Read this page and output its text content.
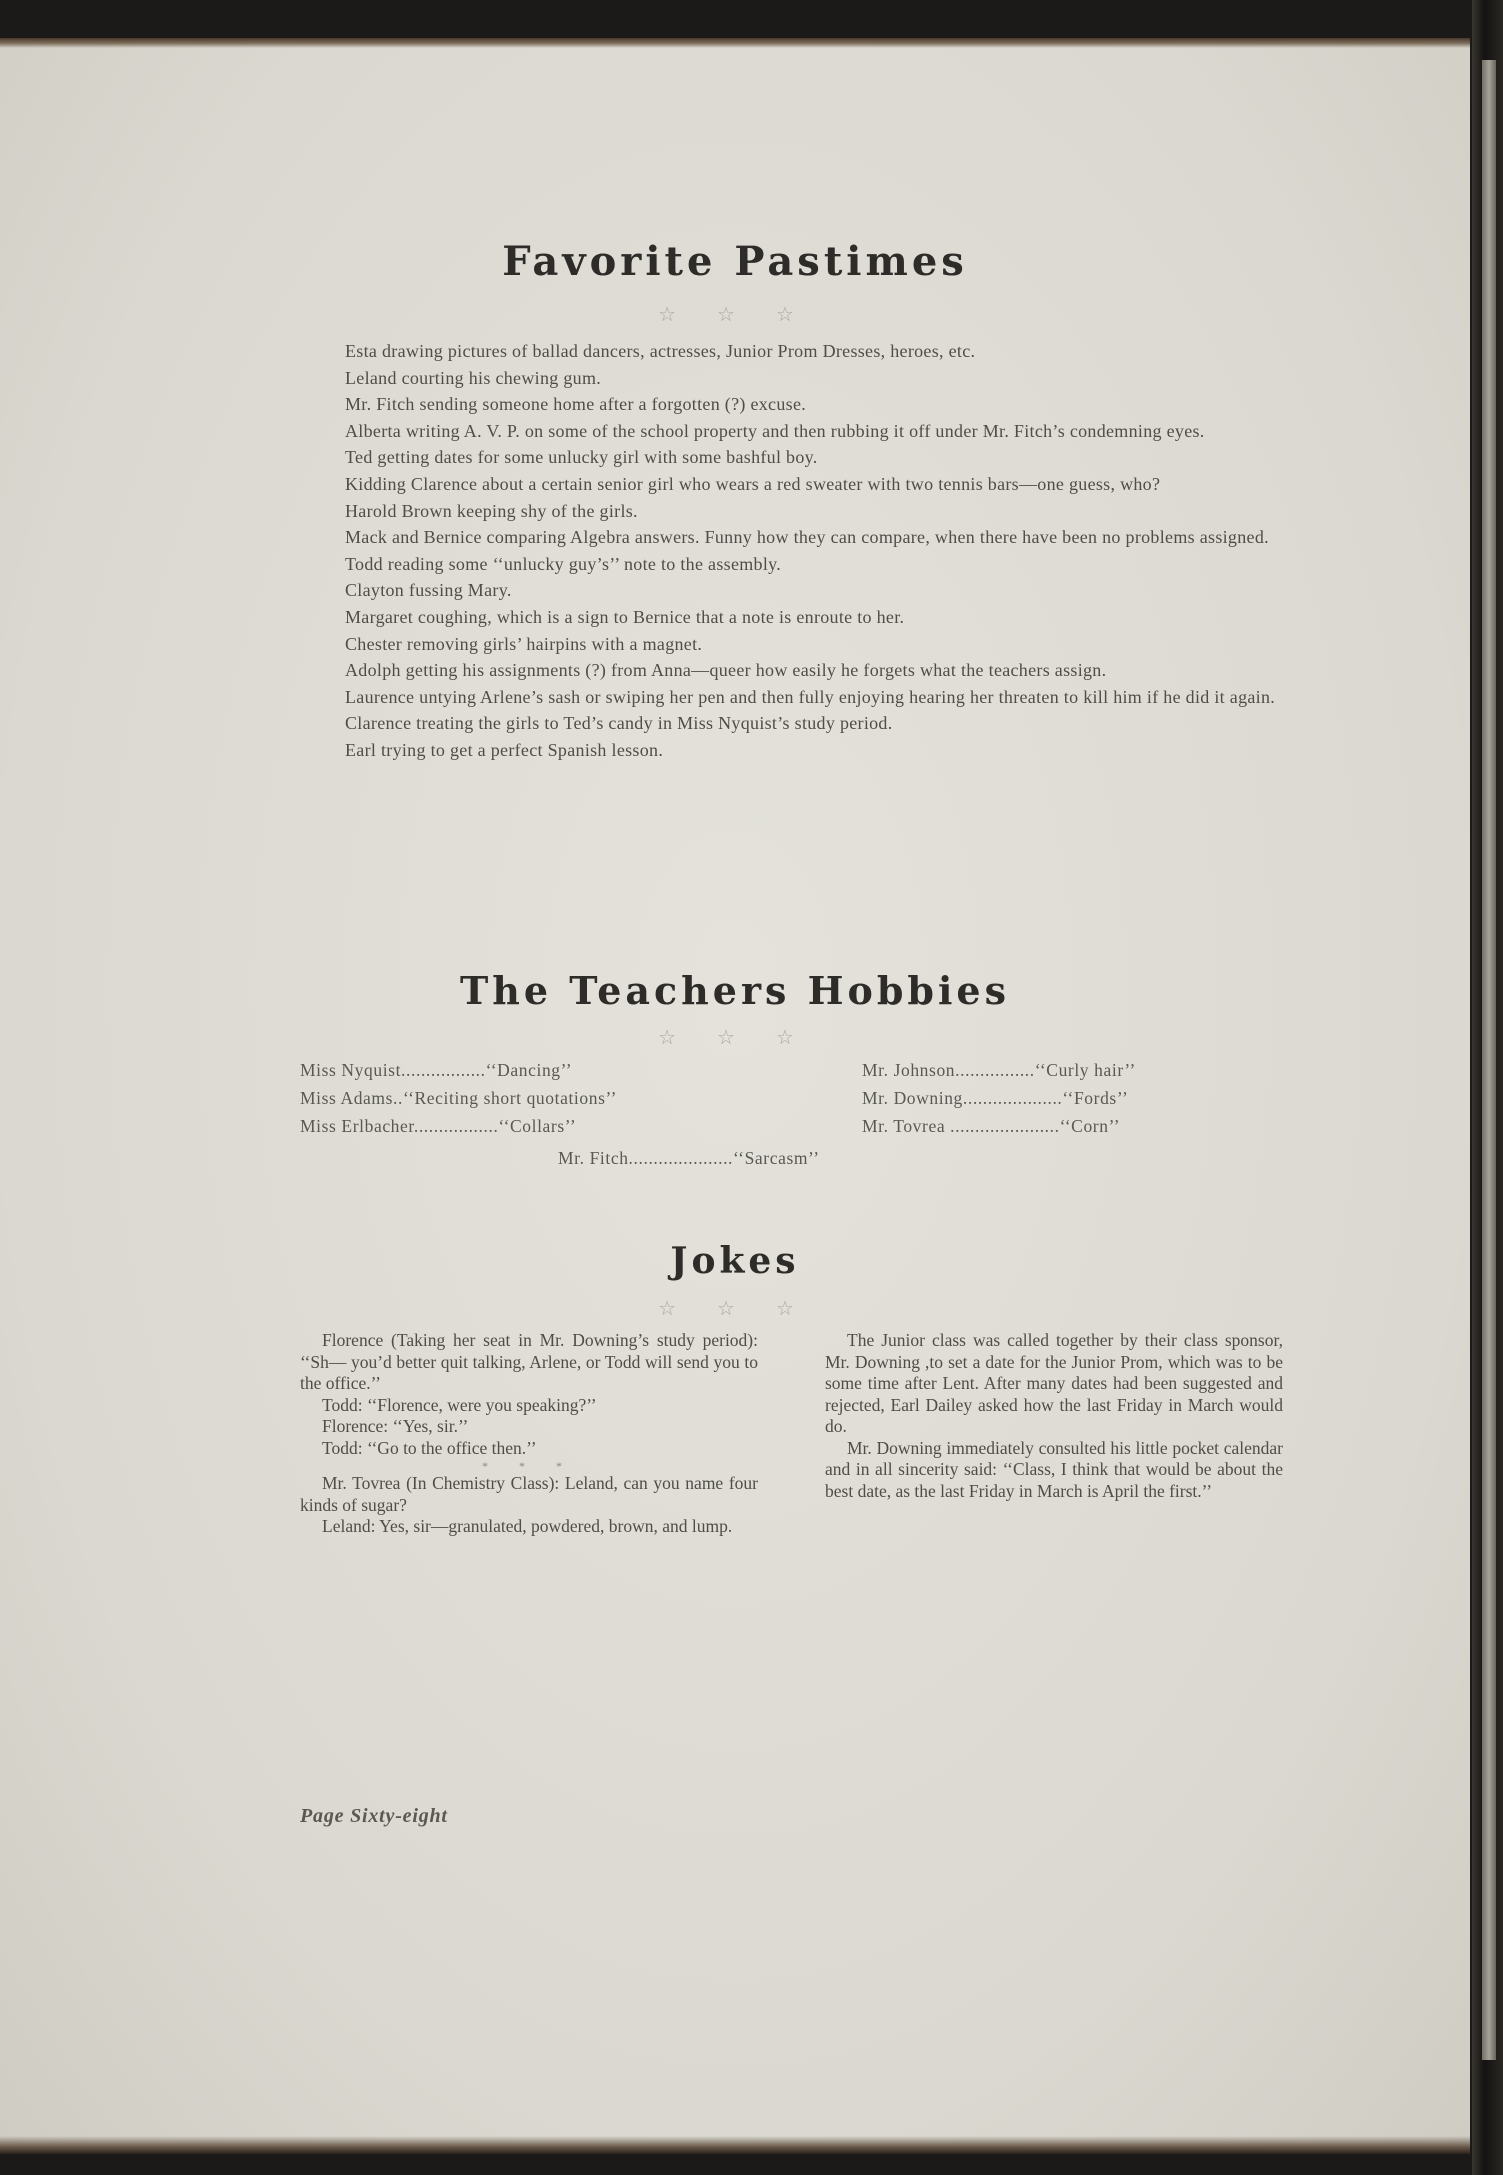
Favorite Pastimes
☆ ☆ ☆

Esta drawing pictures of ballad dancers, actresses, Junior Prom Dresses, heroes, etc.

Leland courting his chewing gum.

Mr. Fitch sending someone home after a forgotten (?) excuse.

Alberta writing A. V. P. on some of the school property and then rubbing it off under Mr. Fitch’s condemning eyes.

Ted getting dates for some unlucky girl with some bashful boy.

Kidding Clarence about a certain senior girl who wears a red sweater with two tennis bars—one guess, who?

Harold Brown keeping shy of the girls.

Mack and Bernice comparing Algebra answers. Funny how they can compare, when there have been no problems assigned.

Todd reading some ‘‘unlucky guy’s’’ note to the assembly.

Clayton fussing Mary.

Margaret coughing, which is a sign to Bernice that a note is enroute to her.

Chester removing girls’ hairpins with a magnet.

Adolph getting his assignments (?) from Anna—queer how easily he forgets what the teachers assign.

Laurence untying Arlene’s sash or swiping her pen and then fully enjoying hearing her threaten to kill him if he did it again.

Clarence treating the girls to Ted’s candy in Miss Nyquist’s study period.

Earl trying to get a perfect Spanish lesson.

The Teachers Hobbies
☆ ☆ ☆
Miss Nyquist.................‘‘Dancing’’
Miss Adams..‘‘Reciting short quotations’’
Miss Erlbacher.................‘‘Collars’’
Mr. Johnson................‘‘Curly hair’’
Mr. Downing....................‘‘Fords’’
Mr. Tovrea ......................‘‘Corn’’
Mr. Fitch.....................‘‘Sarcasm’’
Jokes
☆ ☆ ☆

Florence (Taking her seat in Mr. Downing’s study period): ‘‘Sh— you’d better quit talking, Arlene, or Todd will send you to the office.’’

Todd: ‘‘Florence, were you speaking?’’

Florence: ‘‘Yes, sir.’’

Todd: ‘‘Go to the office then.’’

* * *

Mr. Tovrea (In Chemistry Class): Leland, can you name four kinds of sugar?

Leland: Yes, sir—granulated, powdered, brown, and lump.

The Junior class was called together by their class sponsor, Mr. Downing ,to set a date for the Junior Prom, which was to be some time after Lent. After many dates had been suggested and rejected, Earl Dailey asked how the last Friday in March would do.

Mr. Downing immediately consulted his little pocket calendar and in all sincerity said: ‘‘Class, I think that would be about the best date, as the last Friday in March is April the first.’’

Page Sixty-eight
